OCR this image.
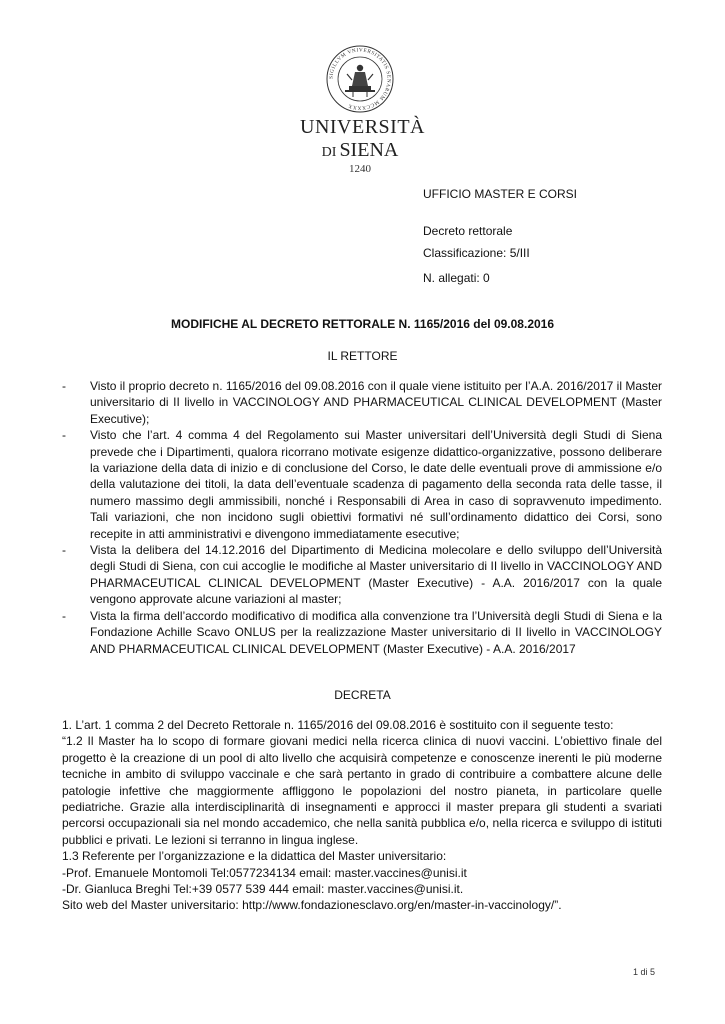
SIGILLVM VNIVERSITATIS SENARUM MCCXXXX
UNIVERSITÀ
DI SIENA
1240
UFFICIO MASTER E CORSI
Decreto rettorale
Classificazione: 5/III
N. allegati: 0
MODIFICHE AL DECRETO RETTORALE N. 1165/2016 del 09.08.2016
IL RETTORE
- Visto il proprio decreto n. 1165/2016 del 09.08.2016 con il quale viene istituito per l’A.A. 2016/2017 il Master universitario di II livello in VACCINOLOGY AND PHARMACEUTICAL CLINICAL DEVELOPMENT (Master Executive);
- Visto che l’art. 4 comma 4 del Regolamento sui Master universitari dell’Università degli Studi di Siena prevede che i Dipartimenti, qualora ricorrano motivate esigenze didattico-organizzative, possono deliberare la variazione della data di inizio e di conclusione del Corso, le date delle eventuali prove di ammissione e/o della valutazione dei titoli, la data dell’eventuale scadenza di pagamento della seconda rata delle tasse, il numero massimo degli ammissibili, nonché i Responsabili di Area in caso di sopravvenuto impedimento. Tali variazioni, che non incidono sugli obiettivi formativi né sull’ordinamento didattico dei Corsi, sono recepite in atti amministrativi e divengono immediatamente esecutive;
- Vista la delibera del 14.12.2016 del Dipartimento di Medicina molecolare e dello sviluppo dell’Università degli Studi di Siena, con cui accoglie le modifiche al Master universitario di II livello in VACCINOLOGY AND PHARMACEUTICAL CLINICAL DEVELOPMENT (Master Executive) - A.A. 2016/2017 con la quale vengono approvate alcune variazioni al master;
- Vista la firma dell’accordo modificativo di modifica alla convenzione tra l’Università degli Studi di Siena e la Fondazione Achille Scavo ONLUS per la realizzazione Master universitario di II livello in VACCINOLOGY AND PHARMACEUTICAL CLINICAL DEVELOPMENT (Master Executive) - A.A. 2016/2017
DECRETA

1. L’art. 1 comma 2 del Decreto Rettorale n. 1165/2016 del 09.08.2016 è sostituito con il seguente testo:

“1.2 Il Master ha lo scopo di formare giovani medici nella ricerca clinica di nuovi vaccini. L’obiettivo finale del progetto è la creazione di un pool di alto livello che acquisirà competenze e conoscenze inerenti le più moderne tecniche in ambito di sviluppo vaccinale e che sarà pertanto in grado di contribuire a combattere alcune delle patologie infettive che maggiormente affliggono le popolazioni del nostro pianeta, in particolare quelle pediatriche. Grazie alla interdisciplinarità di insegnamenti e approcci il master prepara gli studenti a svariati percorsi occupazionali sia nel mondo accademico, che nella sanità pubblica e/o, nella ricerca e sviluppo di istituti pubblici e privati. Le lezioni si terranno in lingua inglese.

1.3 Referente per l’organizzazione e la didattica del Master universitario:

-Prof. Emanuele Montomoli Tel:0577234134 email: master.vaccines@unisi.it

-Dr. Gianluca Breghi Tel:+39 0577 539 444 email: master.vaccines@unisi.it.

Sito web del Master universitario: http://www.fondazionesclavo.org/en/master-in-vaccinology/”.

1 di 5
